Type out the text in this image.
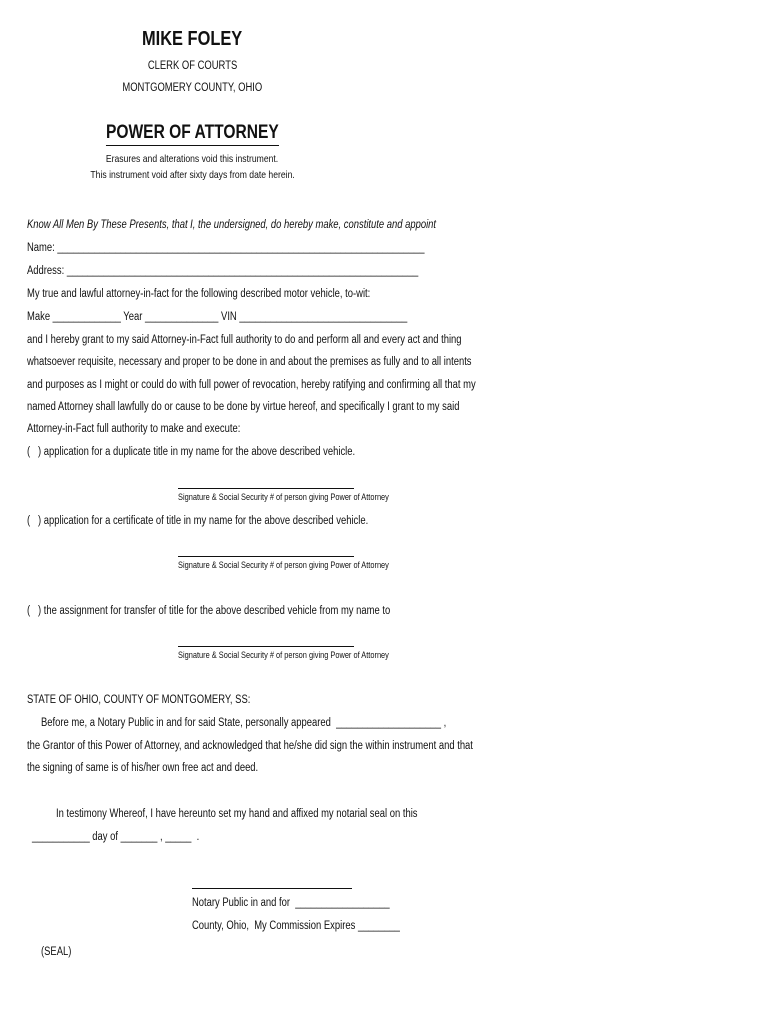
MIKE FOLEY
CLERK OF COURTS
MONTGOMERY COUNTY, OHIO
POWER OF ATTORNEY
Erasures and alterations void this instrument.
This instrument void after sixty days from date herein.
Know All Men By These Presents, that I, the undersigned, do hereby make, constitute and appoint
Name: ______________________________________________________________________
Address: ___________________________________________________________________
My true and lawful attorney-in-fact for the following described motor vehicle, to-wit:
Make _____________ Year ______________ VIN ________________________________
and I hereby grant to my said Attorney-in-Fact full authority to do and perform all and every act and thing
whatsoever requisite, necessary and proper to be done in and about the premises as fully and to all intents
and purposes as I might or could do with full power of revocation, hereby ratifying and confirming all that my
named Attorney shall lawfully do or cause to be done by virtue hereof, and specifically I grant to my said
Attorney-in-Fact full authority to make and execute:
(   ) application for a duplicate title in my name for the above described vehicle.
Signature & Social Security # of person giving Power of Attorney
(   ) application for a certificate of title in my name for the above described vehicle.
Signature & Social Security # of person giving Power of Attorney
(   ) the assignment for transfer of title for the above described vehicle from my name to
Signature & Social Security # of person giving Power of Attorney
STATE OF OHIO, COUNTY OF MONTGOMERY, SS:
Before me, a Notary Public in and for said State, personally appeared  ____________________ ,
the Grantor of this Power of Attorney, and acknowledged that he/she did sign the within instrument and that
the signing of same is of his/her own free act and deed.
In testimony Whereof, I have hereunto set my hand and affixed my notarial seal on this
___________ day of _______ , _____  .
Notary Public in and for  __________________
County, Ohio,  My Commission Expires ________
(SEAL)
